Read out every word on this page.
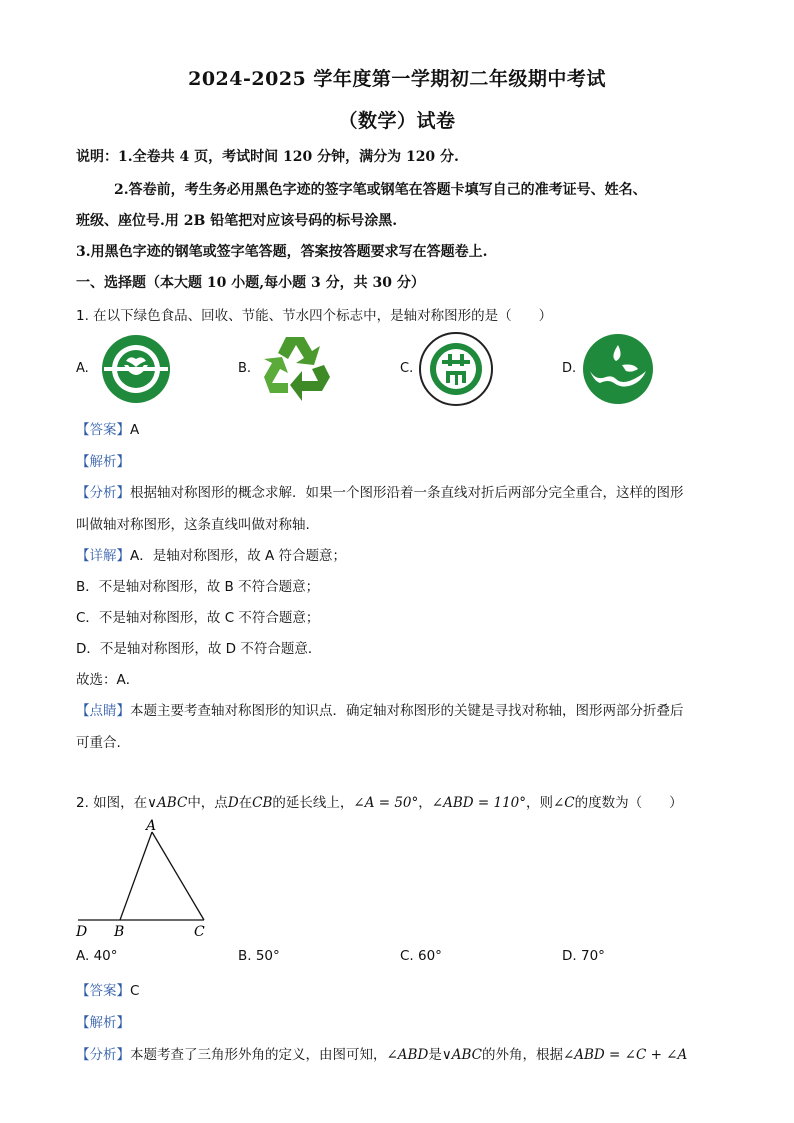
2024-2025 学年度第一学期初二年级期中考试
（数学）试卷
说明：1.全卷共 4 页，考试时间 120 分钟，满分为 120 分.
2.答卷前，考生务必用黑色字迹的签字笔或钢笔在答题卡填写自己的准考证号、姓名、
班级、座位号.用 2B 铅笔把对应该号码的标号涂黑.
3.用黑色字迹的钢笔或签字笔答题，答案按答题要求写在答题卷上.
一、选择题（本大题 10 小题,每小题 3 分，共 30 分）
1. 在以下绿色食品、回收、节能、节水四个标志中，是轴对称图形的是（　　）
A.	B.	C.	D.
【答案】A
【解析】
【分析】根据轴对称图形的概念求解．如果一个图形沿着一条直线对折后两部分完全重合，这样的图形
叫做轴对称图形，这条直线叫做对称轴.
【详解】A．是轴对称图形，故 A 符合题意；
B．不是轴对称图形，故 B 不符合题意；
C．不是轴对称图形，故 C 不符合题意；
D．不是轴对称图形，故 D 不符合题意．
故选：A．
【点睛】本题主要考查轴对称图形的知识点．确定轴对称图形的关键是寻找对称轴，图形两部分折叠后
可重合.
2. 如图，在∨ABC中，点D在CB的延长线上，∠A = 50°，∠ABD = 110°，则∠C的度数为（　　）
A
D B	C
A. 40°	B. 50°	C. 60°	D. 70°
【答案】C
【解析】
【分析】本题考查了三角形外角的定义，由图可知，∠ABD是∨ABC的外角，根据∠ABD = ∠C + ∠A
